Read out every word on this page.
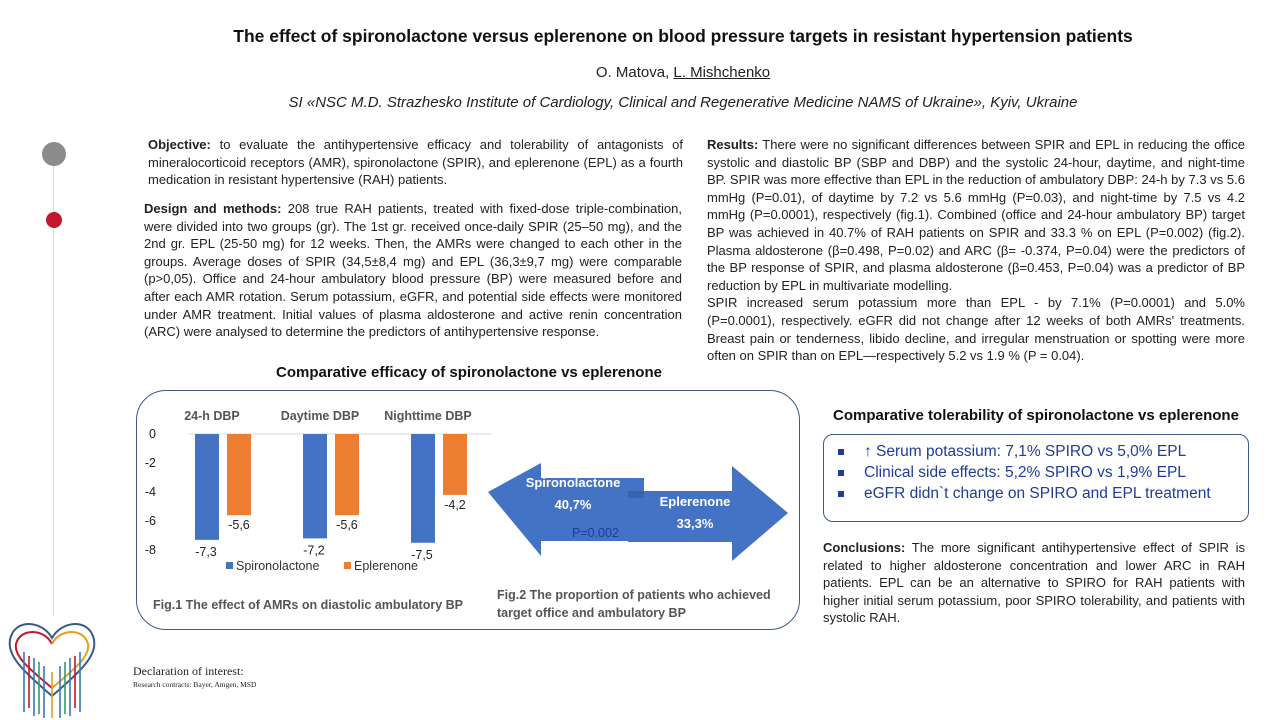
The effect of spironolactone versus eplerenone on blood pressure targets in resistant hypertension patients
O. Matova, L. Mishchenko
SI «NSC M.D. Strazhesko Institute of Cardiology, Clinical and Regenerative Medicine NAMS of Ukraine», Kyiv, Ukraine
Objective: to evaluate the antihypertensive efficacy and tolerability of antagonists of mineralocorticoid receptors (AMR), spironolactone (SPIR), and eplerenone (EPL) as a fourth medication in resistant hypertensive (RAH) patients.
Design and methods: 208 true RAH patients, treated with fixed-dose triple-combination, were divided into two groups (gr). The 1st gr. received once-daily SPIR (25–50 mg), and the 2nd gr. EPL (25-50 mg) for 12 weeks. Then, the AMRs were changed to each other in the groups. Average doses of SPIR (34,5±8,4 mg) and EPL (36,3±9,7 mg) were comparable (p>0,05). Office and 24-hour ambulatory blood pressure (BP) were measured before and after each AMR rotation. Serum potassium, eGFR, and potential side effects were monitored under AMR treatment. Initial values of plasma aldosterone and active renin concentration (ARC) were analysed to determine the predictors of antihypertensive response.
Results: There were no significant differences between SPIR and EPL in reducing the office systolic and diastolic BP (SBP and DBP) and the systolic 24-hour, daytime, and night-time BP. SPIR was more effective than EPL in the reduction of ambulatory DBP: 24-h by 7.3 vs 5.6 mmHg (P=0.01), of daytime by 7.2 vs 5.6 mmHg (P=0.03), and night-time by 7.5 vs 4.2 mmHg (P=0.0001), respectively (fig.1). Combined (office and 24-hour ambulatory BP) target BP was achieved in 40.7% of RAH patients on SPIR and 33.3 % on EPL (P=0.002) (fig.2). Plasma aldosterone (β=0.498, P=0.02) and ARC (β= -0.374, P=0.04) were the predictors of the BP response of SPIR, and plasma aldosterone (β=0.453, P=0.04) was a predictor of BP reduction by EPL in multivariate modelling.
SPIR increased serum potassium more than EPL - by 7.1% (P=0.0001) and 5.0% (P=0.0001), respectively. eGFR did not change after 12 weeks of both AMRs' treatments. Breast pain or tenderness, libido decline, and irregular menstruation or spotting were more often on SPIR than on EPL—respectively 5.2 vs 1.9 % (P = 0.04).
Comparative efficacy of spironolactone vs eplerenone
0
-2
-4
-6
-8
24-h DBP	Daytime DBP Nighttime DBP
-7,3	-7,2	-7,5
-5,6	-5,6
-4,2
Spironolactone	Eplerenone
Fig.1 The effect of AMRs on diastolic ambulatory BP
Spironolactone
40,7%	Eplerenone
33,3%
P=0.002
Fig.2 The proportion of patients who achieved target office and ambulatory BP
Comparative tolerability of spironolactone vs eplerenone
↑ Serum potassium: 7,1% SPIRO vs 5,0% EPL
Clinical side effects: 5,2% SPIRO vs 1,9% EPL
eGFR didn`t change on SPIRO and EPL treatment
Conclusions: The more significant antihypertensive effect of SPIR is related to higher aldosterone concentration and lower ARC in RAH patients. EPL can be an alternative to SPIRO for RAH patients with higher initial serum potassium, poor SPIRO tolerability, and patients with systolic RAH.
Declaration of interest:
Research contracts: Bayer, Amgen, MSD
